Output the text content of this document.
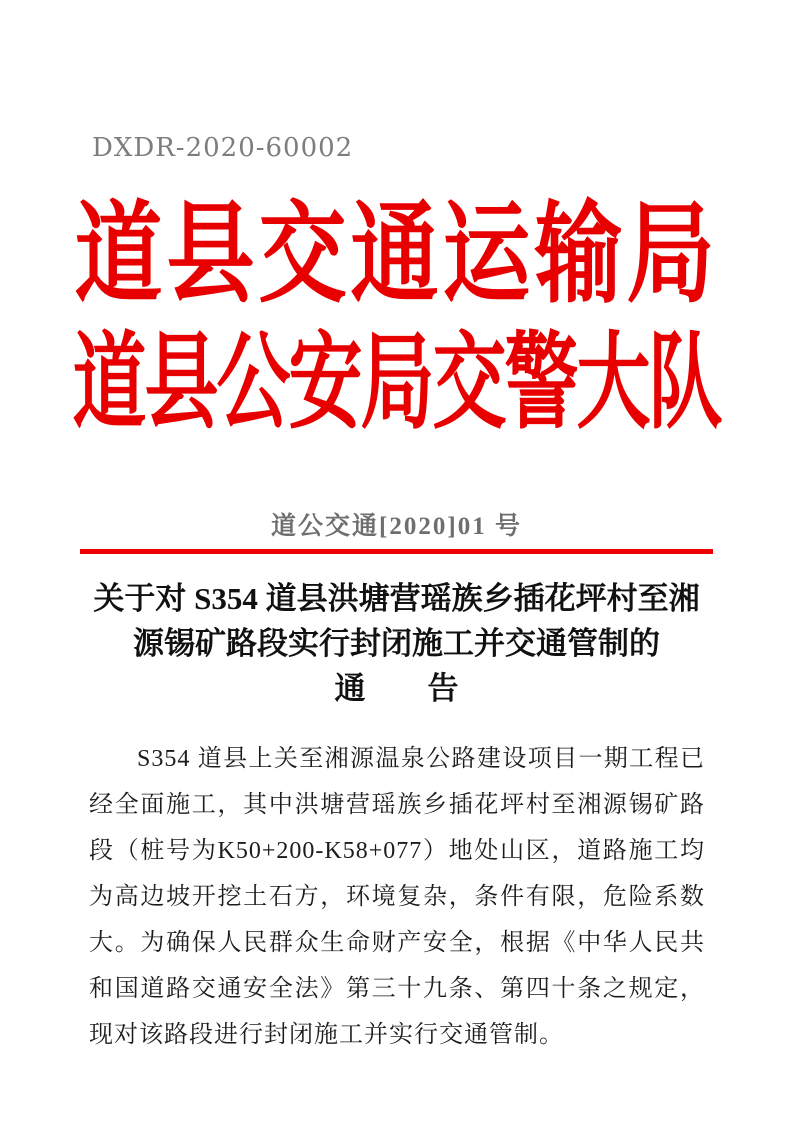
DXDR-2020-60002
道县交通运输局
道县公安局交警大队
道公交通[2020]01 号
关于对 S354 道县洪塘营瑶族乡插花坪村至湘
源锡矿路段实行封闭施工并交通管制的
通　　告

S354 道县上关至湘源温泉公路建设项目一期工程已经全面施工，其中洪塘营瑶族乡插花坪村至湘源锡矿路段（桩号为K50+200-K58+077）地处山区，道路施工均为高边坡开挖土石方，环境复杂，条件有限，危险系数大。为确保人民群众生命财产安全，根据《中华人民共和国道路交通安全法》第三十九条、第四十条之规定，现对该路段进行封闭施工并实行交通管制。
